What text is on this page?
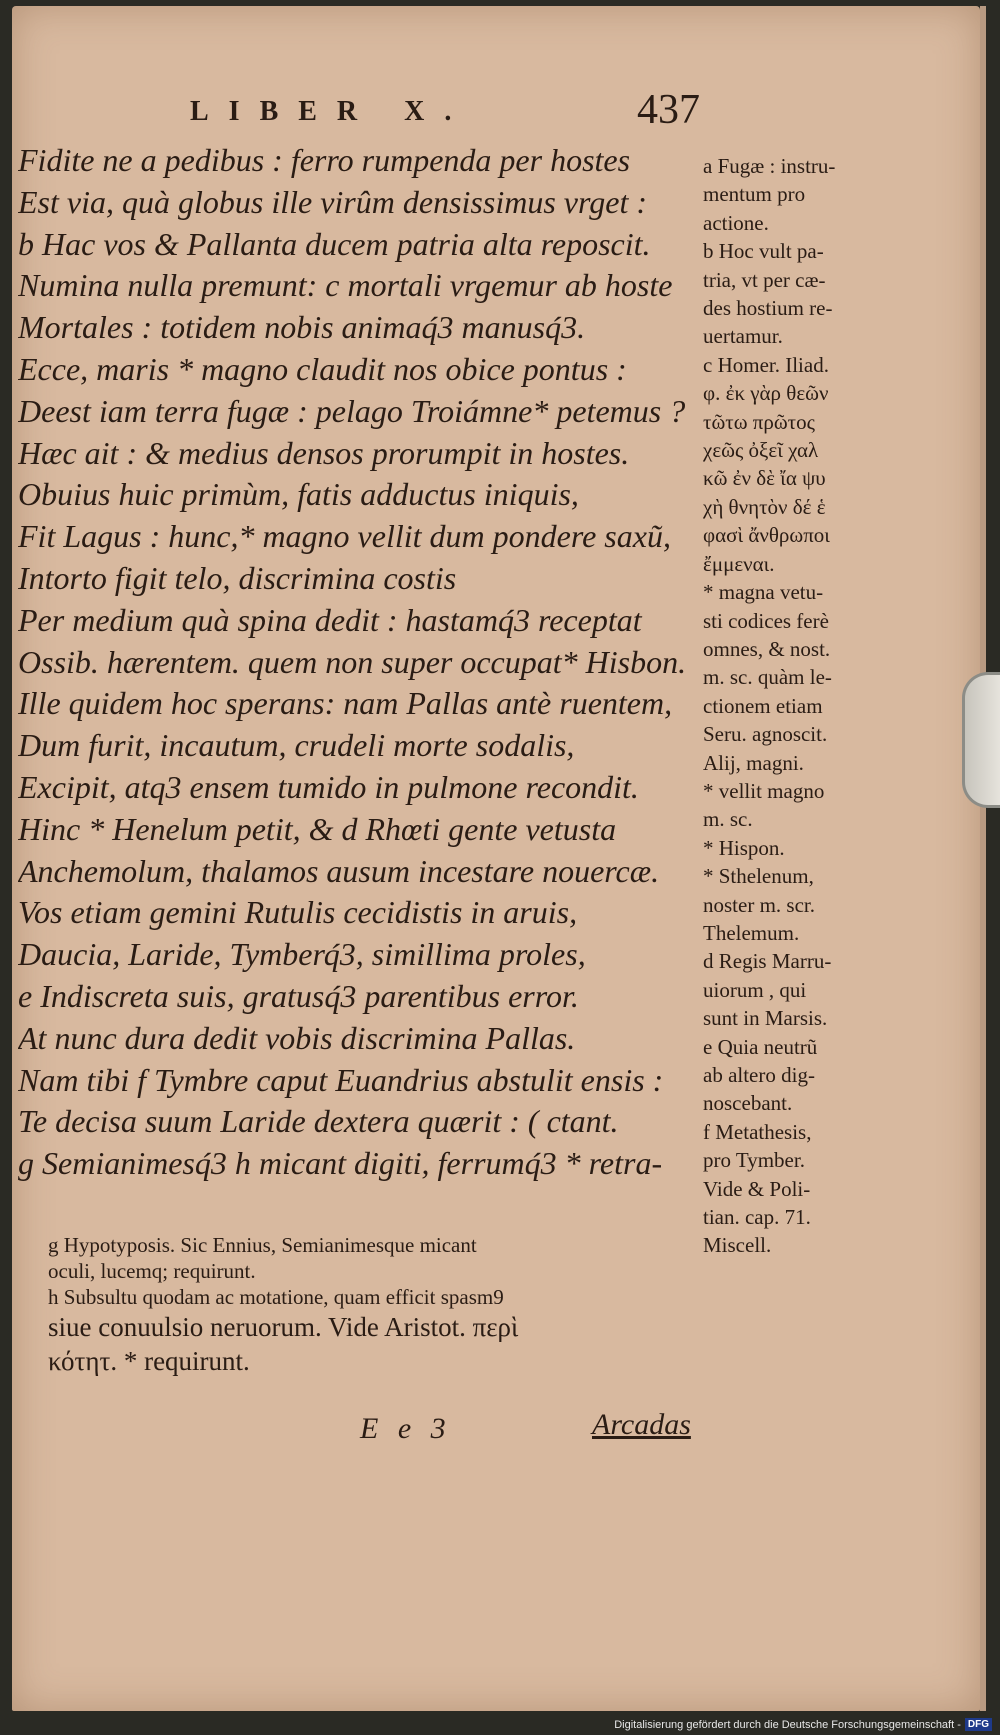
LIBER X.	437
Fidite ne a pedibus : ferro rumpenda per hostes
Est via, quà globus ille virûm densissimus vrget :
b Hac vos & Pallanta ducem patria alta reposcit.
Numina nulla premunt: c mortali vrgemur ab hoste
Mortales : totidem nobis animaq́3 manusq́3.
Ecce, maris * magno claudit nos obice pontus :
Deest iam terra fugæ : pelago Troiámne* petemus ?
Hæc ait : & medius densos prorumpit in hostes.
Obuius huic primùm, fatis adductus iniquis,
Fit Lagus : hunc,* magno vellit dum pondere saxũ,
Intorto figit telo, discrimina costis
Per medium quà spina dedit : hastamq́3 receptat
Ossib. hærentem. quem non super occupat* Hisbon.
Ille quidem hoc sperans: nam Pallas antè ruentem,
Dum furit, incautum, crudeli morte sodalis,
Excipit, atq3 ensem tumido in pulmone recondit.
Hinc * Henelum petit, & d Rhœti gente vetusta
Anchemolum, thalamos ausum incestare nouercæ.
Vos etiam gemini Rutulis cecidistis in aruis,
Daucia, Laride, Tymberq́3, simillima proles,
e Indiscreta suis, gratusq́3 parentibus error.
At nunc dura dedit vobis discrimina Pallas.
Nam tibi f Tymbre caput Euandrius abstulit ensis :
Te decisa suum Laride dextera quærit : ( ctant.
g Semianimesq́3 h micant digiti, ferrumq́3 * retra-
a Fugæ : instru-
mentum pro
actione.
b Hoc vult pa-
tria, vt per cæ-
des hostium re-
uertamur.
c Homer. Iliad.
φ. ἐκ γὰρ θεῶν
τῶτω πρῶτος
χεῶς ὀξεῖ χαλ
κῶ ἐν δὲ ἴα ψυ
χὴ θνητὸν δέ ἑ
φασὶ ἄνθρωποι
ἔμμεναι.
* magna vetu-
sti codices ferè
omnes, & nost.
m. sc. quàm le-
ctionem etiam
Seru. agnoscit.
Alij, magni.
* vellit magno
m. sc.
* Hispon.
* Sthelenum,
noster m. scr.
Thelemum.
d Regis Marru-
uiorum , qui
sunt in Marsis.
e Quia neutrũ
ab altero dig-
noscebant.
f Metathesis,
pro Tymber.
Vide & Poli-
tian. cap. 71.
Miscell.
g Hypotyposis. Sic Ennius, Semianimesque micant
oculi, lucemq; requirunt.
h Subsultu quodam ac motatione, quam efficit spasm9
siue conuulsio neruorum. Vide Aristot. περὶ
κότητ. * requirunt.
E e 3	Arcadas
Digitalisierung gefördert durch die Deutsche Forschungsgemeinschaft - DFG
